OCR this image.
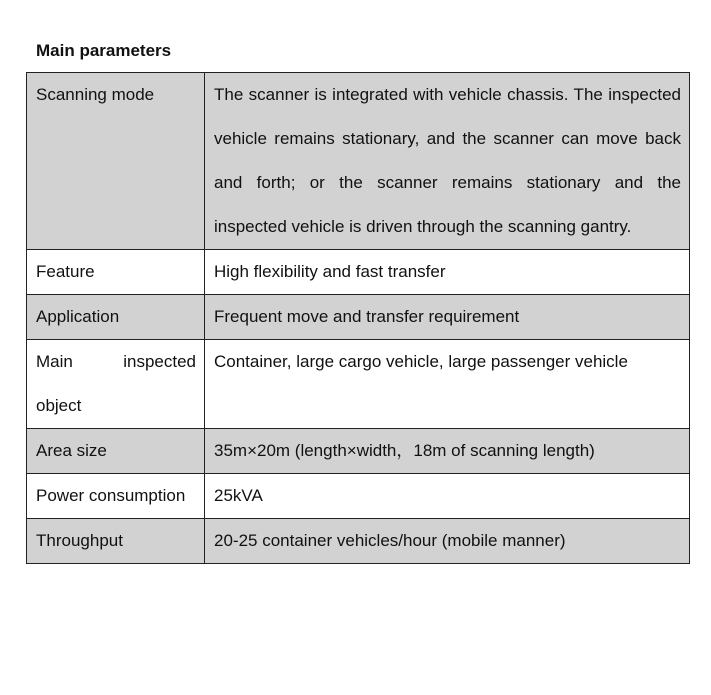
Main parameters
Scanning mode	The scanner is integrated with vehicle chassis. The inspected vehicle remains stationary, and the scanner can move back and forth; or the scanner remains stationary and the inspected vehicle is driven through the scanning gantry.
Feature	High flexibility and fast transfer
Application	Frequent move and transfer requirement
Main inspected object	Container, large cargo vehicle, large passenger vehicle
Area size	35m×20m (length×width，18m of scanning length)
Power consumption	25kVA
Throughput	20-25 container vehicles/hour (mobile manner)
